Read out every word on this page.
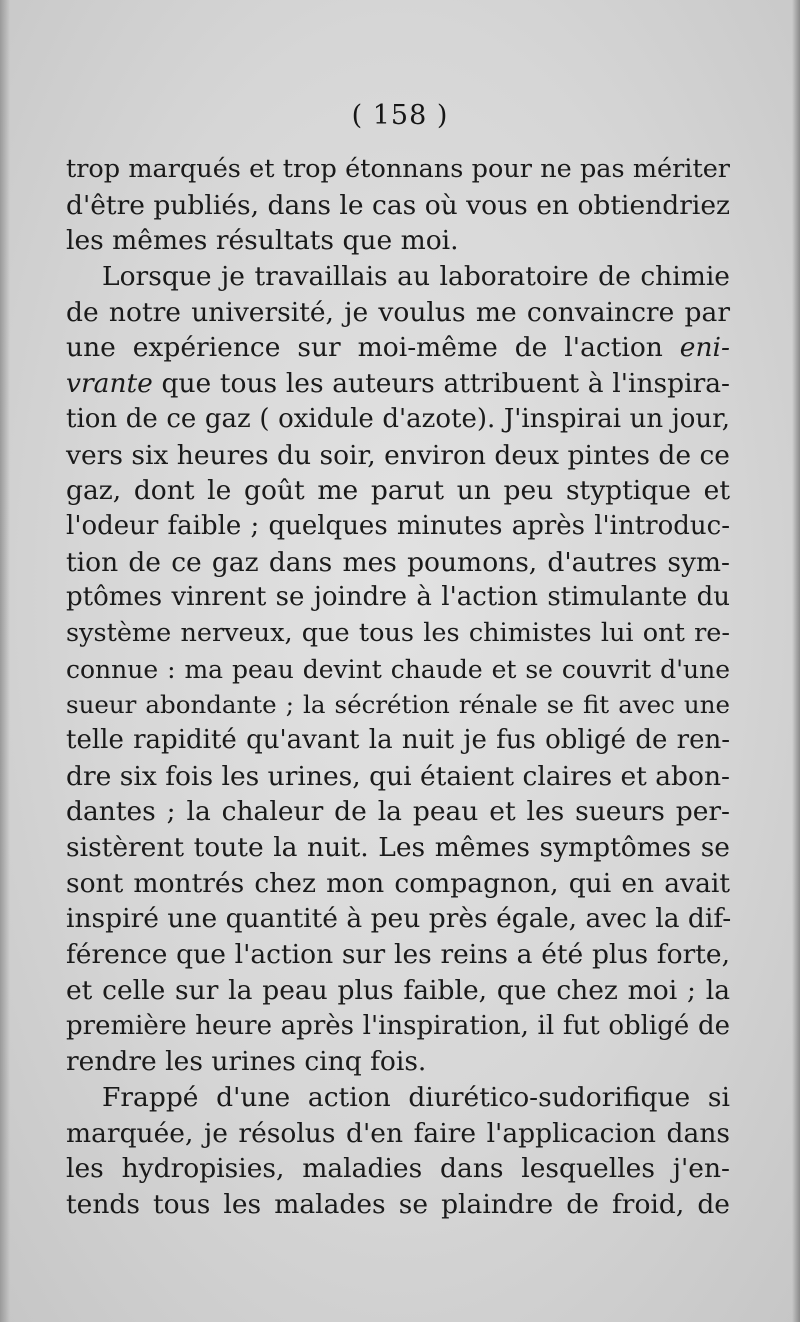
( 158 )
trop marqués et trop étonnans pour ne pas mériter
d'être publiés, dans le cas où vous en obtiendriez
les mêmes résultats que moi.
Lorsque je travaillais au laboratoire de chimie
de notre université, je voulus me convaincre par
une expérience sur moi-même de l'action eni-
vrante que tous les auteurs attribuent à l'inspira-
tion de ce gaz ( oxidule d'azote). J'inspirai un jour,
vers six heures du soir, environ deux pintes de ce
gaz, dont le goût me parut un peu styptique et
l'odeur faible ; quelques minutes après l'introduc-
tion de ce gaz dans mes poumons, d'autres sym-
ptômes vinrent se joindre à l'action stimulante du
système nerveux, que tous les chimistes lui ont re-
connue : ma peau devint chaude et se couvrit d'une
sueur abondante ; la sécrétion rénale se fit avec une
telle rapidité qu'avant la nuit je fus obligé de ren-
dre six fois les urines, qui étaient claires et abon-
dantes ; la chaleur de la peau et les sueurs per-
sistèrent toute la nuit. Les mêmes symptômes se
sont montrés chez mon compagnon, qui en avait
inspiré une quantité à peu près égale, avec la dif-
férence que l'action sur les reins a été plus forte,
et celle sur la peau plus faible, que chez moi ; la
première heure après l'inspiration, il fut obligé de
rendre les urines cinq fois.
Frappé d'une action diurético-sudorifique si
marquée, je résolus d'en faire l'applicacion dans
les hydropisies, maladies dans lesquelles j'en-
tends tous les malades se plaindre de froid, de
